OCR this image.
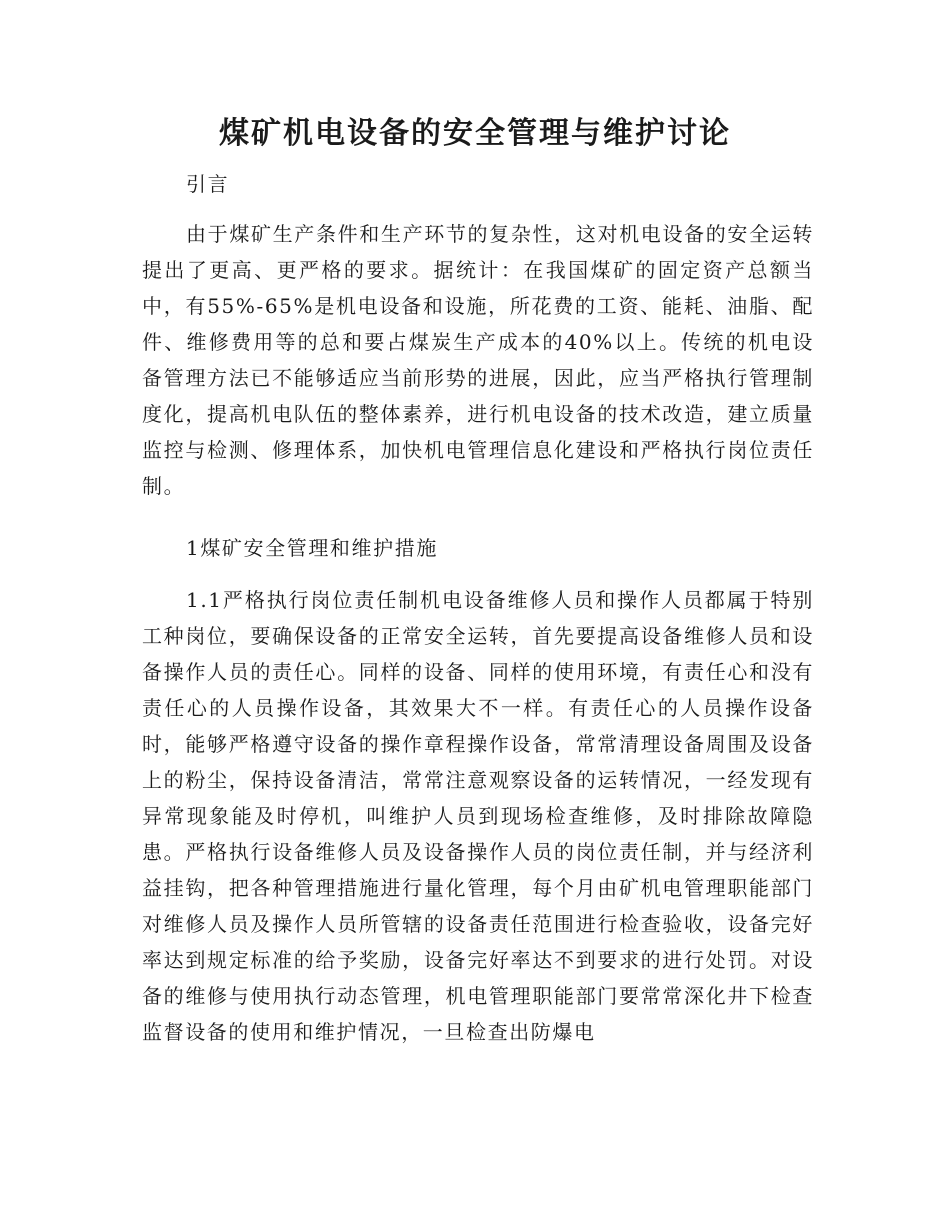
煤矿机电设备的安全管理与维护讨论

引言

由于煤矿生产条件和生产环节的复杂性，这对机电设备的安全运转提出了更高、更严格的要求。据统计：在我国煤矿的固定资产总额当中，有55%-65%是机电设备和设施，所花费的工资、能耗、油脂、配件、维修费用等的总和要占煤炭生产成本的40%以上。传统的机电设备管理方法已不能够适应当前形势的进展，因此，应当严格执行管理制度化，提高机电队伍的整体素养，进行机电设备的技术改造，建立质量监控与检测、修理体系，加快机电管理信息化建设和严格执行岗位责任制。

1煤矿安全管理和维护措施

1.1严格执行岗位责任制机电设备维修人员和操作人员都属于特别工种岗位，要确保设备的正常安全运转，首先要提高设备维修人员和设备操作人员的责任心。同样的设备、同样的使用环境，有责任心和没有责任心的人员操作设备，其效果大不一样。有责任心的人员操作设备时，能够严格遵守设备的操作章程操作设备，常常清理设备周围及设备上的粉尘，保持设备清洁，常常注意观察设备的运转情况，一经发现有异常现象能及时停机，叫维护人员到现场检查维修，及时排除故障隐患。严格执行设备维修人员及设备操作人员的岗位责任制，并与经济利益挂钩，把各种管理措施进行量化管理，每个月由矿机电管理职能部门对维修人员及操作人员所管辖的设备责任范围进行检查验收，设备完好率达到规定标准的给予奖励，设备完好率达不到要求的进行处罚。对设备的维修与使用执行动态管理，机电管理职能部门要常常深化井下检查监督设备的使用和维护情况，一旦检查出防爆电
